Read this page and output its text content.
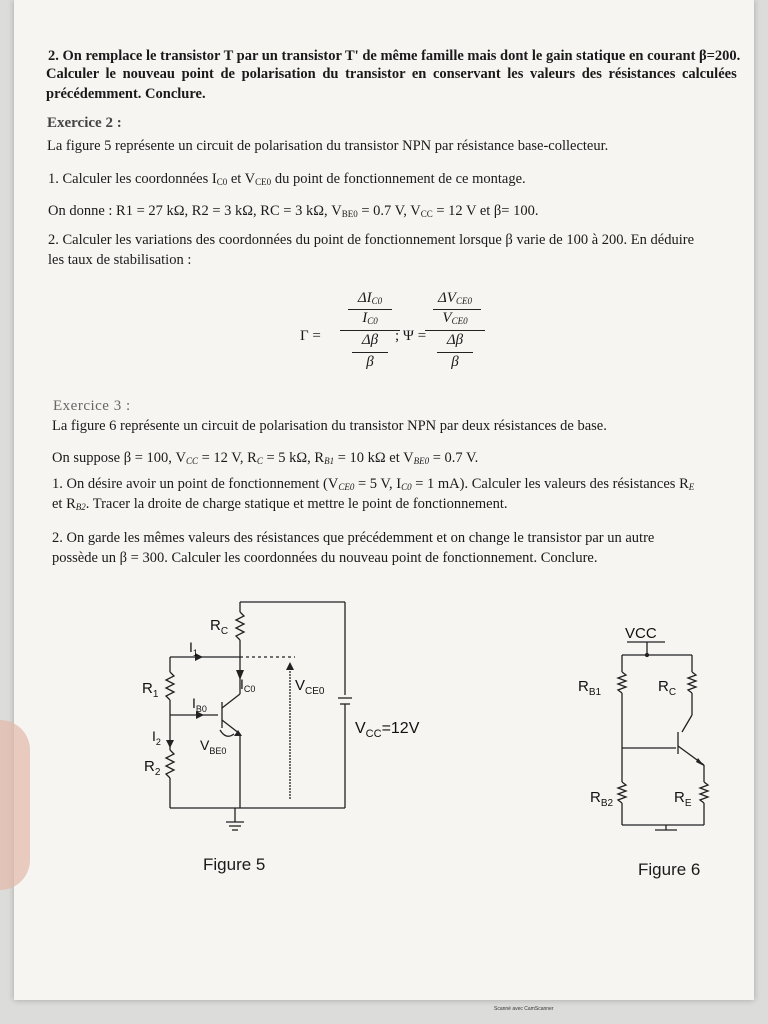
2. On remplace le transistor T par un transistor T' de même famille mais dont le gain statique en courant β=200.
Calculer le nouveau point de polarisation du transistor en conservant les valeurs des résistances calculées
précédemment. Conclure.
Exercice 2 :
La figure 5 représente un circuit de polarisation du transistor NPN par résistance base-collecteur.
1. Calculer les coordonnées $I_{C0}$ et $V_{CE0}$ du point de fonctionnement de ce montage.
On donne : R1 = 27 kΩ, R2 = 3 kΩ, RC = 3 kΩ, $V_{BE0} = 0.7$ V, $V_{CC} = 12$ V et β= 100.
2. Calculer les variations des coordonnées du point de fonctionnement lorsque β varie de 100 à 200. En déduire
les taux de stabilisation :
Γ =
$\Delta I_{C0}$
$I_{C0}$
Δβ
β
; Ψ =
$\Delta V_{CE0}$
$V_{CE0}$
Δβ
β
Exercice 3 :
La figure 6 représente un circuit de polarisation du transistor NPN par deux résistances de base.
On suppose β = 100, $V_{CC} = 12$ V, $R_C = 5$ kΩ, $R_{B1} = 10$ kΩ et $V_{BE0} = 0.7$ V.
1. On désire avoir un point de fonctionnement ($V_{CE0} = 5$ V, $I_{C0} = 1$ mA). Calculer les valeurs des résistances $R_E$
et $R_{B2}$. Tracer la droite de charge statique et mettre le point de fonctionnement.
2. On garde les mêmes valeurs des résistances que précédemment et on change le transistor par un autre
possède un β = 300. Calculer les coordonnées du nouveau point de fonctionnement. Conclure.
$R_C$
$I_1$
$R_1$
$I_{C0}$	$V_{CE0}$
$I_{B0}$
$I_2$	$V_{BE0}$
$R_2$
$V_{CC}=12V$
Figure 5
VCC
$R_{B1}$	$R_C$
$R_{B2}$	$R_E$
Figure 6
Scanné avec CamScanner
